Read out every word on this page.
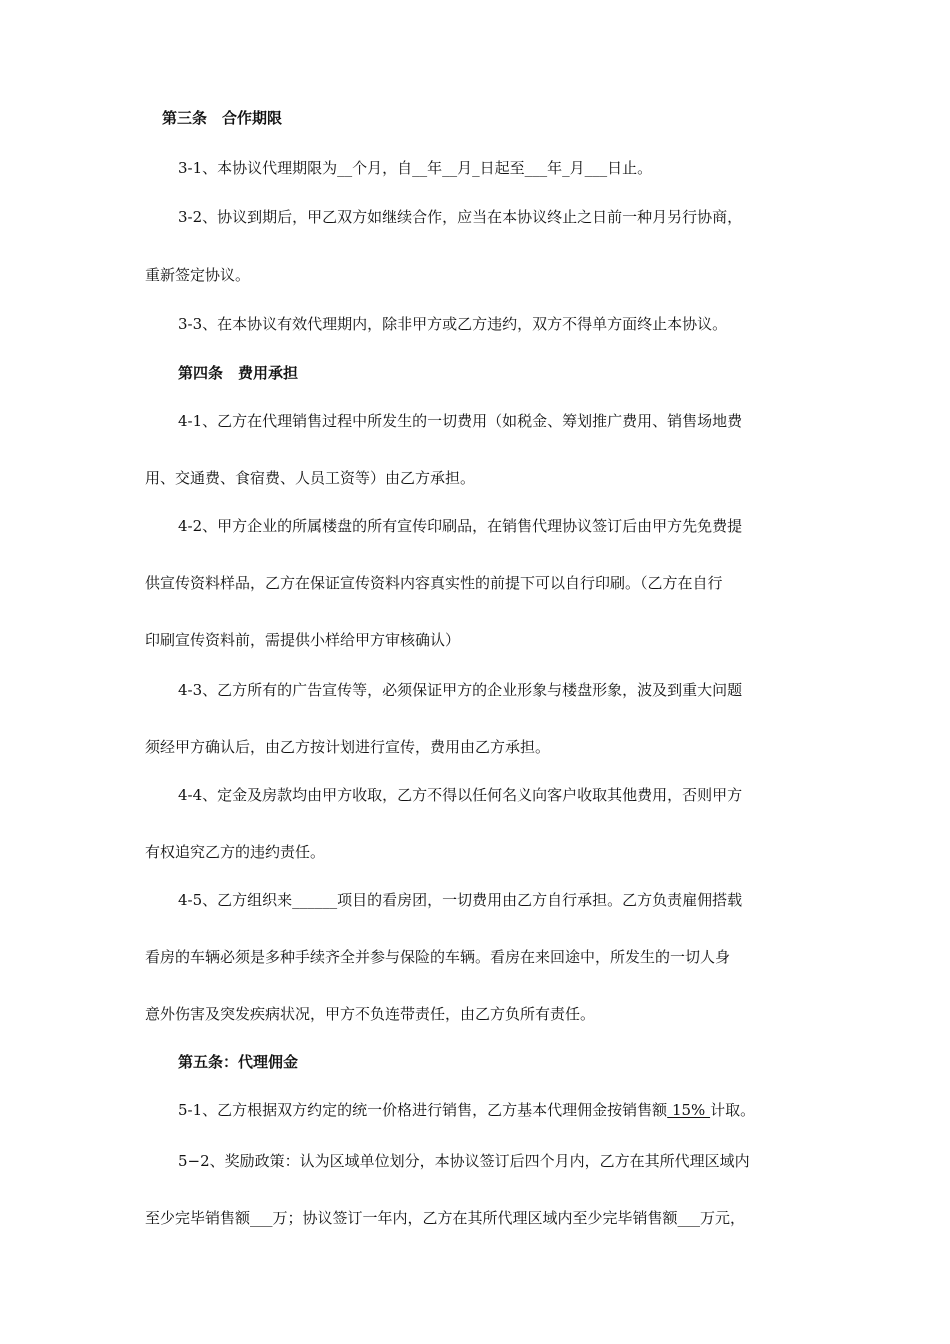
第三条　合作期限
3-1、本协议代理期限为__个月，自__年__月_日起至___年_月___日止。
3-2、协议到期后，甲乙双方如继续合作，应当在本协议终止之日前一种月另行协商，
重新签定协议。
3-3、在本协议有效代理期内，除非甲方或乙方违约，双方不得单方面终止本协议。
第四条　费用承担
4-1、乙方在代理销售过程中所发生的一切费用（如税金、筹划推广费用、销售场地费
用、交通费、食宿费、人员工资等）由乙方承担。
4-2、甲方企业的所属楼盘的所有宣传印刷品，在销售代理协议签订后由甲方先免费提
供宣传资料样品，乙方在保证宣传资料内容真实性的前提下可以自行印刷。（乙方在自行
印刷宣传资料前，需提供小样给甲方审核确认）
4-3、乙方所有的广告宣传等，必须保证甲方的企业形象与楼盘形象，波及到重大问题
须经甲方确认后，由乙方按计划进行宣传，费用由乙方承担。
4-4、定金及房款均由甲方收取，乙方不得以任何名义向客户收取其他费用，否则甲方
有权追究乙方的违约责任。
4-5、乙方组织来______项目的看房团，一切费用由乙方自行承担。乙方负责雇佣搭载
看房的车辆必须是多种手续齐全并参与保险的车辆。看房在来回途中，所发生的一切人身
意外伤害及突发疾病状况，甲方不负连带责任，由乙方负所有责任。
第五条：代理佣金
5-1、乙方根据双方约定的统一价格进行销售，乙方基本代理佣金按销售额 15% 计取。
5−2、奖励政策：认为区域单位划分，本协议签订后四个月内，乙方在其所代理区域内
至少完毕销售额___万；协议签订一年内，乙方在其所代理区域内至少完毕销售额___万元，
